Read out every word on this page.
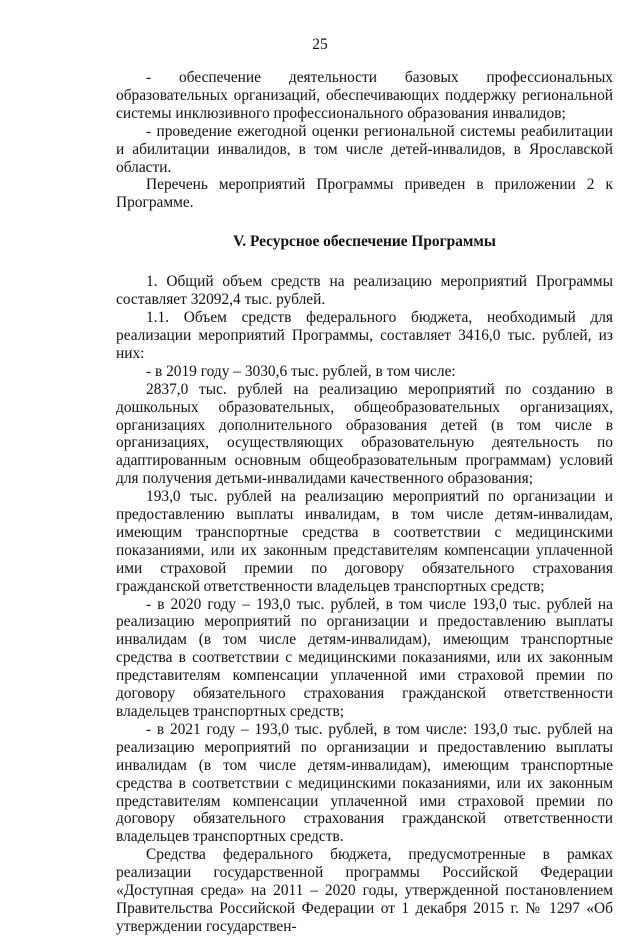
25

- обеспечение деятельности базовых профессиональных образовательных организаций, обеспечивающих поддержку региональной системы инклюзивного профессионального образования инвалидов;

- проведение ежегодной оценки региональной системы реабилитации и абилитации инвалидов, в том числе детей-инвалидов, в Ярославской области.

Перечень мероприятий Программы приведен в приложении 2 к Программе.

V. Ресурсное обеспечение Программы

1. Общий объем средств на реализацию мероприятий Программы составляет 32092,4 тыс. рублей.

1.1. Объем средств федерального бюджета, необходимый для реализации мероприятий Программы, составляет 3416,0 тыс. рублей, из них:

- в 2019 году – 3030,6 тыс. рублей, в том числе:

2837,0 тыс. рублей на реализацию мероприятий по созданию в дошкольных образовательных, общеобразовательных организациях, организациях дополнительного образования детей (в том числе в организациях, осуществляющих образовательную деятельность по адаптированным основным общеобразовательным программам) условий для получения детьми-инвалидами качественного образования;

193,0 тыс. рублей на реализацию мероприятий по организации и предоставлению выплаты инвалидам, в том числе детям-инвалидам, имеющим транспортные средства в соответствии с медицинскими показаниями, или их законным представителям компенсации уплаченной ими страховой премии по договору обязательного страхования гражданской ответственности владельцев транспортных средств;

- в 2020 году – 193,0 тыс. рублей, в том числе 193,0 тыс. рублей на реализацию мероприятий по организации и предоставлению выплаты инвалидам (в том числе детям-инвалидам), имеющим транспортные средства в соответствии с медицинскими показаниями, или их законным представителям компенсации уплаченной ими страховой премии по договору обязательного страхования гражданской ответственности владельцев транспортных средств;

- в 2021 году – 193,0 тыс. рублей, в том числе: 193,0 тыс. рублей на реализацию мероприятий по организации и предоставлению выплаты инвалидам (в том числе детям-инвалидам), имеющим транспортные средства в соответствии с медицинскими показаниями, или их законным представителям компенсации уплаченной ими страховой премии по договору обязательного страхования гражданской ответственности владельцев транспортных средств.

Средства федерального бюджета, предусмотренные в рамках реализации государственной программы Российской Федерации «Доступная среда» на 2011 – 2020 годы, утвержденной постановлением Правительства Российской Федерации от 1 декабря 2015 г. № 1297 «Об утверждении государствен-
